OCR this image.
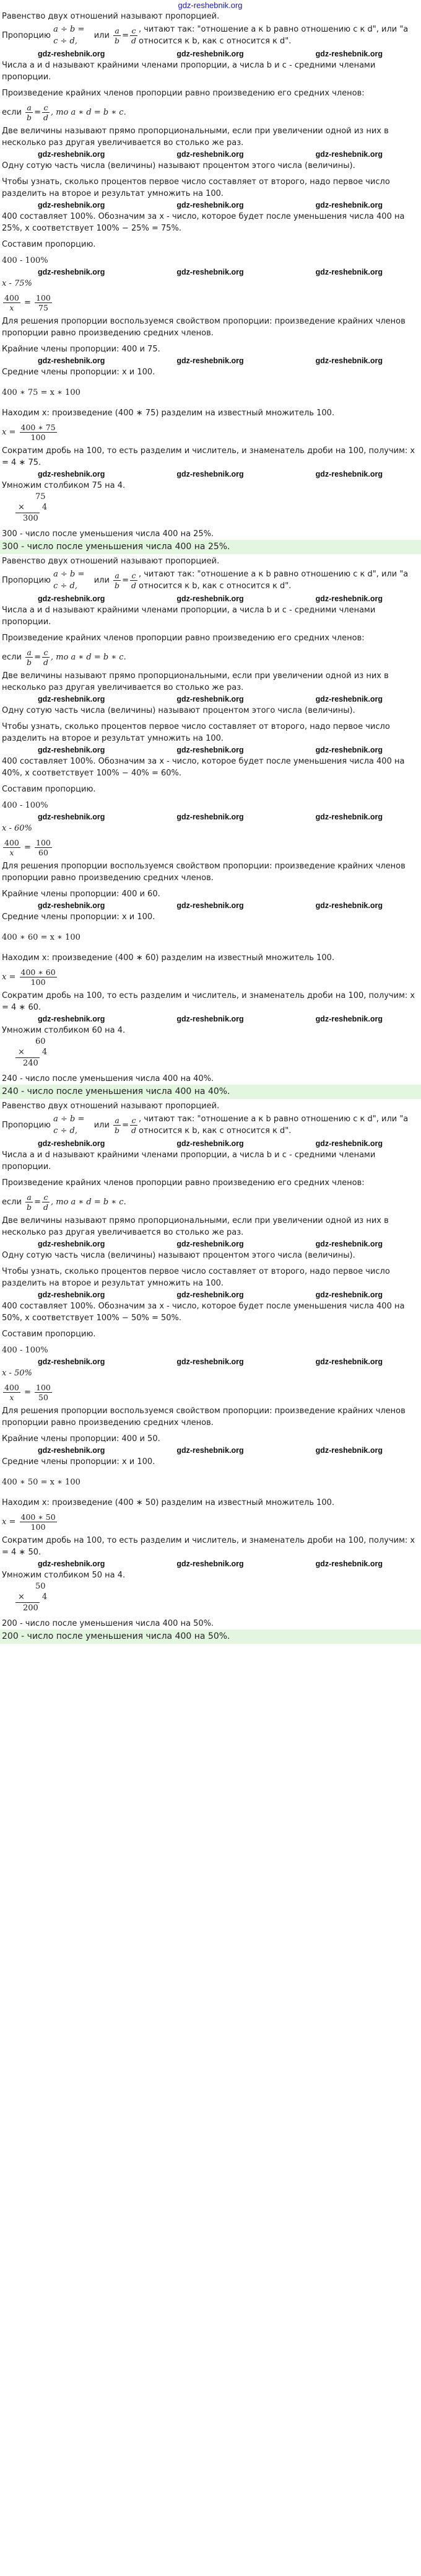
gdz-reshebnik.org

Равенство двух отношений называют пропорцией.

Пропорцию

a ÷ b = c ÷ d,

или
$\frac{a}{b} = \frac{c}{d}$ , читают так: "отношение a к b равно отношению c к d", или "a относится к b, как c относится к d".
gdz-reshebnik.org	gdz-reshebnik.org	gdz-reshebnik.org

Числа a и d называют крайними членами пропорции, а числа b и c - средними членами пропорции.

Произведение крайних членов пропорции равно произведению его средних членов:

если
$\frac{a}{b} = \frac{c}{d}$ , то a ∗ d = b ∗ c.

Две величины называют прямо пропорциональными, если при увеличении одной из них в несколько раз другая увеличивается во столько же раз.

gdz-reshebnik.org	gdz-reshebnik.org	gdz-reshebnik.org

Одну сотую часть числа (величины) называют процентом этого числа (величины).

Чтобы узнать, сколько процентов первое число составляет от второго, надо первое число разделить на второе и результат умножить на 100.

gdz-reshebnik.org	gdz-reshebnik.org	gdz-reshebnik.org

400 составляет 100%. Обозначим за x - число, которое будет после уменьшения числа 400 на 25%, x соответствует 100% − 25% = 75%.

Составим пропорцию.

400 - 100%

gdz-reshebnik.org	gdz-reshebnik.org	gdz-reshebnik.org

x - 75%

$\frac{400}{x} = \frac{100}{75}$

Для решения пропорции воспользуемся свойством пропорции: произведение крайних членов пропорции равно произведению средних членов.

Крайние члены пропорции: 400 и 75.

gdz-reshebnik.org	gdz-reshebnik.org	gdz-reshebnik.org

Средние члены пропорции: x и 100.

400 ∗ 75 = x ∗ 100

Находим x: произведение (400 ∗ 75) разделим на известный множитель 100.

x =
$\frac{400 ∗ 75}{100}$

Сократим дробь на 100, то есть разделим и числитель, и знаменатель дроби на 100, получим: x = 4 ∗ 75.

gdz-reshebnik.org	gdz-reshebnik.org	gdz-reshebnik.org

Умножим столбиком 75 на 4.

75
× 4
300

300 - число после уменьшения числа 400 на 25%.

300 - число после уменьшения числа 400 на 25%.

Равенство двух отношений называют пропорцией.

Пропорцию

a ÷ b = c ÷ d,

или
$\frac{a}{b} = \frac{c}{d}$ , читают так: "отношение a к b равно отношению c к d", или "a относится к b, как c относится к d".
gdz-reshebnik.org	gdz-reshebnik.org	gdz-reshebnik.org

Числа a и d называют крайними членами пропорции, а числа b и c - средними членами пропорции.

Произведение крайних членов пропорции равно произведению его средних членов:

если
$\frac{a}{b} = \frac{c}{d}$ , то a ∗ d = b ∗ c.

Две величины называют прямо пропорциональными, если при увеличении одной из них в несколько раз другая увеличивается во столько же раз.

gdz-reshebnik.org	gdz-reshebnik.org	gdz-reshebnik.org

Одну сотую часть числа (величины) называют процентом этого числа (величины).

Чтобы узнать, сколько процентов первое число составляет от второго, надо первое число разделить на второе и результат умножить на 100.

gdz-reshebnik.org	gdz-reshebnik.org	gdz-reshebnik.org

400 составляет 100%. Обозначим за x - число, которое будет после уменьшения числа 400 на 40%, x соответствует 100% − 40% = 60%.

Составим пропорцию.

400 - 100%

gdz-reshebnik.org	gdz-reshebnik.org	gdz-reshebnik.org

x - 60%

$\frac{400}{x} = \frac{100}{60}$

Для решения пропорции воспользуемся свойством пропорции: произведение крайних членов пропорции равно произведению средних членов.

Крайние члены пропорции: 400 и 60.

gdz-reshebnik.org	gdz-reshebnik.org	gdz-reshebnik.org

Средние члены пропорции: x и 100.

400 ∗ 60 = x ∗ 100

Находим x: произведение (400 ∗ 60) разделим на известный множитель 100.

x =
$\frac{400 ∗ 60}{100}$

Сократим дробь на 100, то есть разделим и числитель, и знаменатель дроби на 100, получим: x = 4 ∗ 60.

gdz-reshebnik.org	gdz-reshebnik.org	gdz-reshebnik.org

Умножим столбиком 60 на 4.

60
× 4
240

240 - число после уменьшения числа 400 на 40%.

240 - число после уменьшения числа 400 на 40%.

Равенство двух отношений называют пропорцией.

Пропорцию

a ÷ b = c ÷ d,

или
$\frac{a}{b} = \frac{c}{d}$ , читают так: "отношение a к b равно отношению c к d", или "a относится к b, как c относится к d".
gdz-reshebnik.org	gdz-reshebnik.org	gdz-reshebnik.org

Числа a и d называют крайними членами пропорции, а числа b и c - средними членами пропорции.

Произведение крайних членов пропорции равно произведению его средних членов:

если
$\frac{a}{b} = \frac{c}{d}$ , то a ∗ d = b ∗ c.

Две величины называют прямо пропорциональными, если при увеличении одной из них в несколько раз другая увеличивается во столько же раз.

gdz-reshebnik.org	gdz-reshebnik.org	gdz-reshebnik.org

Одну сотую часть числа (величины) называют процентом этого числа (величины).

Чтобы узнать, сколько процентов первое число составляет от второго, надо первое число разделить на второе и результат умножить на 100.

gdz-reshebnik.org	gdz-reshebnik.org	gdz-reshebnik.org

400 составляет 100%. Обозначим за x - число, которое будет после уменьшения числа 400 на 50%, x соответствует 100% − 50% = 50%.

Составим пропорцию.

400 - 100%

gdz-reshebnik.org	gdz-reshebnik.org	gdz-reshebnik.org

x - 50%

$\frac{400}{x} = \frac{100}{50}$

Для решения пропорции воспользуемся свойством пропорции: произведение крайних членов пропорции равно произведению средних членов.

Крайние члены пропорции: 400 и 50.

gdz-reshebnik.org	gdz-reshebnik.org	gdz-reshebnik.org

Средние члены пропорции: x и 100.

400 ∗ 50 = x ∗ 100

Находим x: произведение (400 ∗ 50) разделим на известный множитель 100.

x =
$\frac{400 ∗ 50}{100}$

Сократим дробь на 100, то есть разделим и числитель, и знаменатель дроби на 100, получим: x = 4 ∗ 50.

gdz-reshebnik.org	gdz-reshebnik.org	gdz-reshebnik.org

Умножим столбиком 50 на 4.

50
× 4
200

200 - число после уменьшения числа 400 на 50%.

200 - число после уменьшения числа 400 на 50%.
